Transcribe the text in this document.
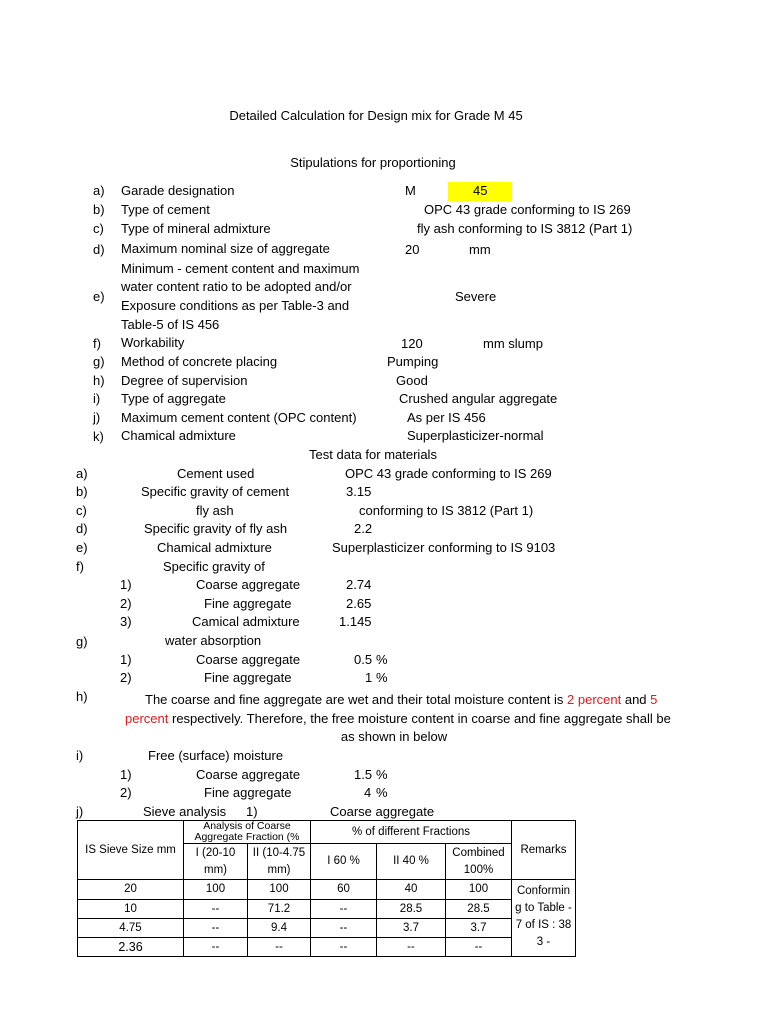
Detailed Calculation for Design mix for Grade M 45
Stipulations for proportioning
a) Garade designation	M	45
b) Type of cement	OPC 43 grade conforming to IS 269
c) Type of mineral admixture	fly ash conforming to IS 3812 (Part 1)
d) Maximum nominal size of aggregate	20	mm
Minimum - cement content and maximum
water content ratio to be adopted and/or
e)	Severe
Exposure conditions as per Table-3 and
Table-5 of IS 456
f) Workability	120	mm slump
g) Method of concrete placing	Pumping
h) Degree of supervision	Good
i) Type of aggregate	Crushed angular aggregate
j) Maximum cement content (OPC content)	As per IS 456
k) Chamical admixture	Superplasticizer-normal
Test data for materials
a)	Cement used	OPC 43 grade conforming to IS 269
b)	Specific gravity of cement	3.15
c)	fly ash	conforming to IS 3812 (Part 1)
d)	Specific gravity of fly ash	2.2
e)	Chamical admixture	Superplasticizer conforming to IS 9103
f)	Specific gravity of
1)	Coarse aggregate	2.74
2)	Fine aggregate	2.65
3)	Camical admixture	1.145
g)	water absorption
1)	Coarse aggregate	0.5 %
2)	Fine aggregate	1 %
h)	The coarse and fine aggregate are wet and their total moisture content is 2 percent and 5
percent respectively. Therefore, the free moisture content in coarse and fine aggregate shall be
as shown in below
i)	Free (surface) moisture
1)	Coarse aggregate	1.5 %
2)	Fine aggregate	4 %
j)	Sieve analysis 1)	Coarse aggregate
IS Sieve Size mm	Analysis of Coarse Aggregate Fraction (%		% of different Fractions			Remarks
	I (20-10 mm)	II (10-4.75 mm)	I 60 %	II 40 %	Combined 100%	
20	100	100	60	40	100	Conforming to Table - 7 of IS : 383 -
10	--	71.2	--	28.5	28.5	
4.75	--	9.4	--	3.7	3.7	
2.36	--	--	--	--	--	
